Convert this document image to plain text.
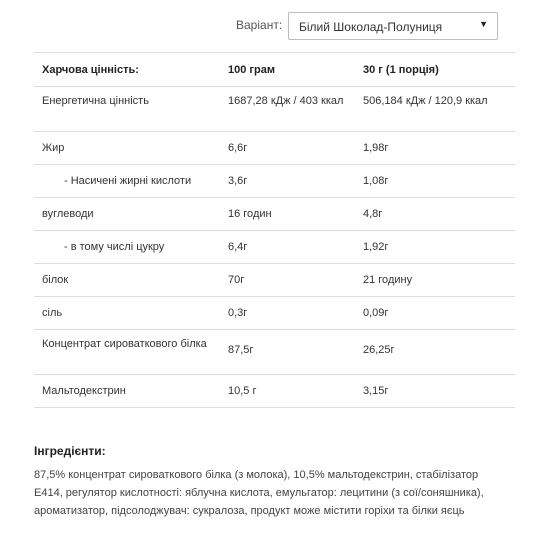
Варіант: Білий Шоколад-Полуниця	▼
Харчова цінність:	100 грам	30 г (1 порція)
Енергетична цінність	1687,28 кДж / 403 ккал	506,184 кДж / 120,9 ккал
Жир	6,6г	1,98г
- Насичені жирні кислоти	3,6г	1,08г
вуглеводи	16 годин	4,8г
- в тому числі цукру	6,4г	1,92г
білок	70г	21 годину
сіль	0,3г	0,09г
Концентрат сироваткового білка	87,5г	26,25г
Мальтодекстрин	10,5 г	3,15г
Інгредієнти:
87,5% концентрат сироваткового білка (з молока), 10,5% мальтодекстрин, стабілізатор Е414, регулятор кислотності: яблучна кислота, емульгатор: лецитини (з сої/соняшника), ароматизатор, підсолоджувач: сукралоза, продукт може містити горіхи та білки яєць
